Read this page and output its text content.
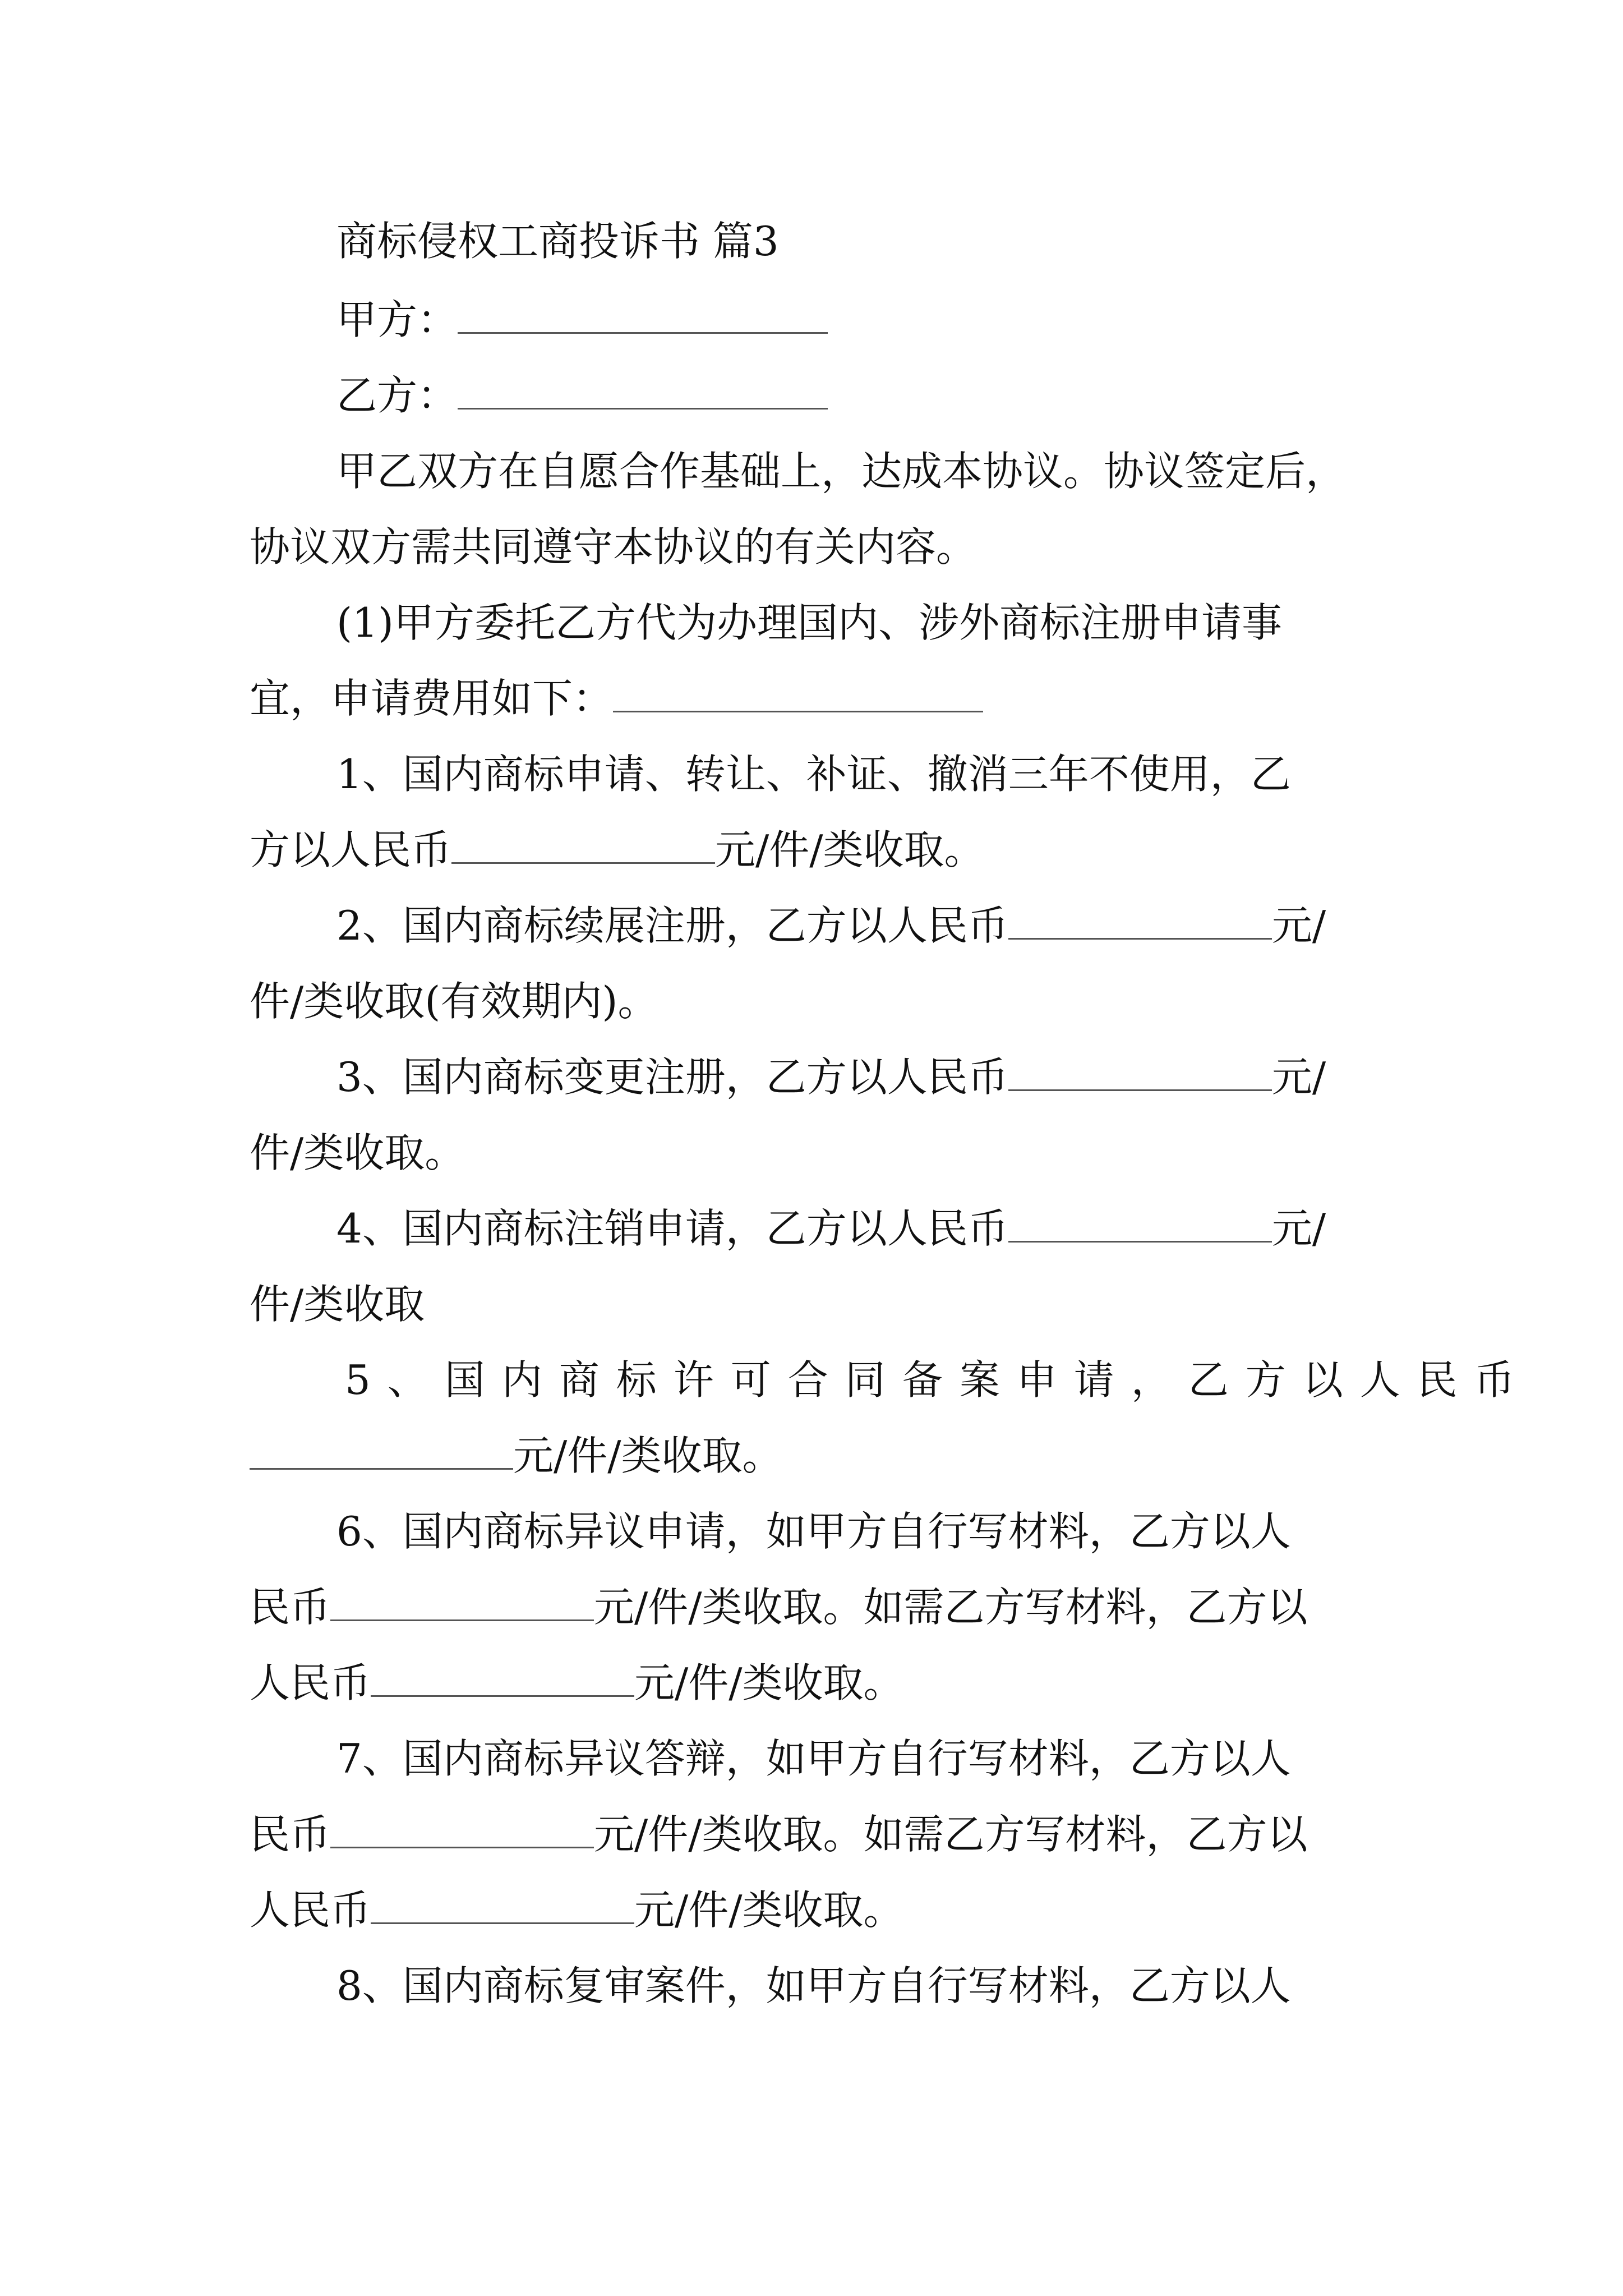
商标侵权工商投诉书 篇3
甲方：
乙方：
甲乙双方在自愿合作基础上，达成本协议。协议签定后，
协议双方需共同遵守本协议的有关内容。
(1)甲方委托乙方代为办理国内、涉外商标注册申请事
宜，申请费用如下：
1、国内商标申请、转让、补证、撤消三年不使用，乙
方以人民币	元/件/类收取。
2、国内商标续展注册，乙方以人民币	元/
件/类收取(有效期内)。
3、国内商标变更注册，乙方以人民币	元/
件/类收取。
4、国内商标注销申请，乙方以人民币	元/
件/类收取
5、国内商标许可合同备案申请，乙方以人民币
元/件/类收取。
6、国内商标异议申请，如甲方自行写材料，乙方以人
民币	元/件/类收取。如需乙方写材料，乙方以
人民币	元/件/类收取。
7、国内商标异议答辩，如甲方自行写材料，乙方以人
民币	元/件/类收取。如需乙方写材料，乙方以
人民币	元/件/类收取。
8、国内商标复审案件，如甲方自行写材料，乙方以人
